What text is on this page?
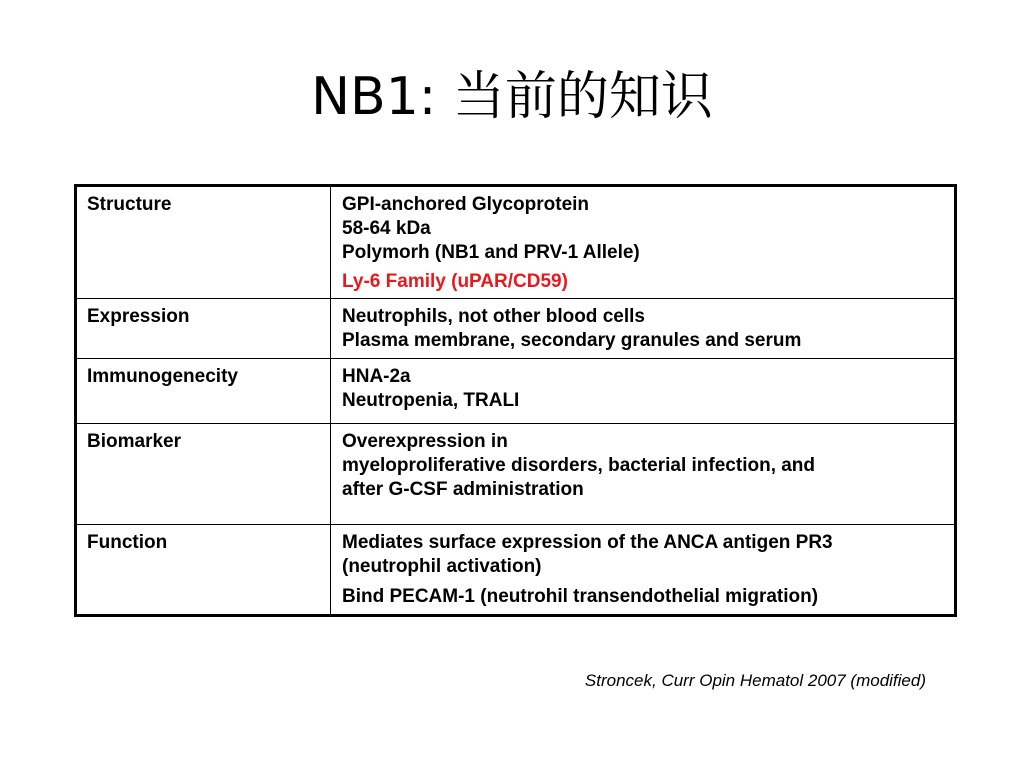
NB1: 当前的知识
Structure	GPI-anchored Glycoprotein
58-64 kDa
Polymorh (NB1 and PRV-1 Allele)
Ly-6 Family (uPAR/CD59)

Expression	Neutrophils, not other blood cells
Plasma membrane, secondary granules and serum

Immunogenecity	HNA-2a
Neutropenia, TRALI

Biomarker	Overexpression in
myeloproliferative disorders, bacterial infection, and
after G-CSF administration

Function	Mediates surface expression of the ANCA antigen PR3
(neutrophil activation)
Bind PECAM-1 (neutrohil transendothelial migration)
Stroncek, Curr Opin Hematol 2007 (modified)
